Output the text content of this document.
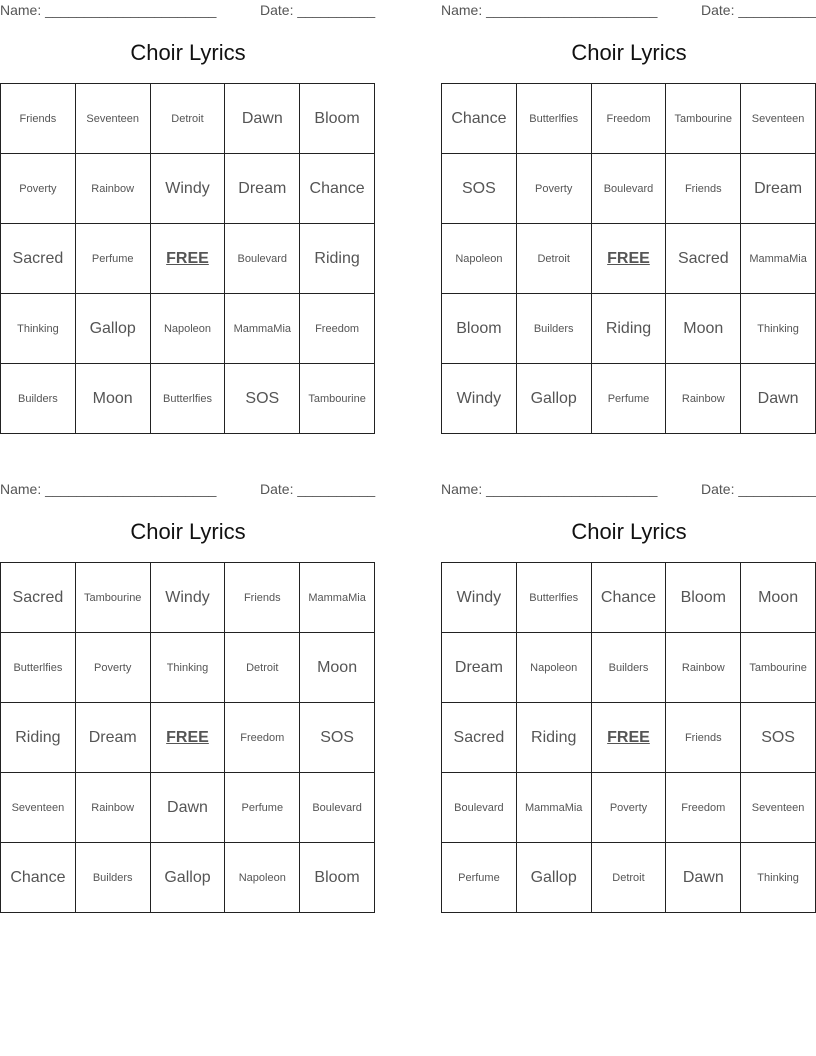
Name: ______________________	Date: __________
Choir Lyrics
Friends	Seventeen	Detroit	Dawn	Bloom
Poverty	Rainbow	Windy	Dream	Chance
Sacred	Perfume	FREE	Boulevard	Riding
Thinking	Gallop	Napoleon	MammaMia	Freedom
Builders	Moon	Butterlfies	SOS	Tambourine
Name: ______________________	Date: __________
Choir Lyrics
Chance	Butterlfies	Freedom	Tambourine	Seventeen
SOS	Poverty	Boulevard	Friends	Dream
Napoleon	Detroit	FREE	Sacred	MammaMia
Bloom	Builders	Riding	Moon	Thinking
Windy	Gallop	Perfume	Rainbow	Dawn
Name: ______________________	Date: __________
Choir Lyrics
Sacred	Tambourine	Windy	Friends	MammaMia
Butterlfies	Poverty	Thinking	Detroit	Moon
Riding	Dream	FREE	Freedom	SOS
Seventeen	Rainbow	Dawn	Perfume	Boulevard
Chance	Builders	Gallop	Napoleon	Bloom
Name: ______________________	Date: __________
Choir Lyrics
Windy	Butterlfies	Chance	Bloom	Moon
Dream	Napoleon	Builders	Rainbow	Tambourine
Sacred	Riding	FREE	Friends	SOS
Boulevard	MammaMia	Poverty	Freedom	Seventeen
Perfume	Gallop	Detroit	Dawn	Thinking
